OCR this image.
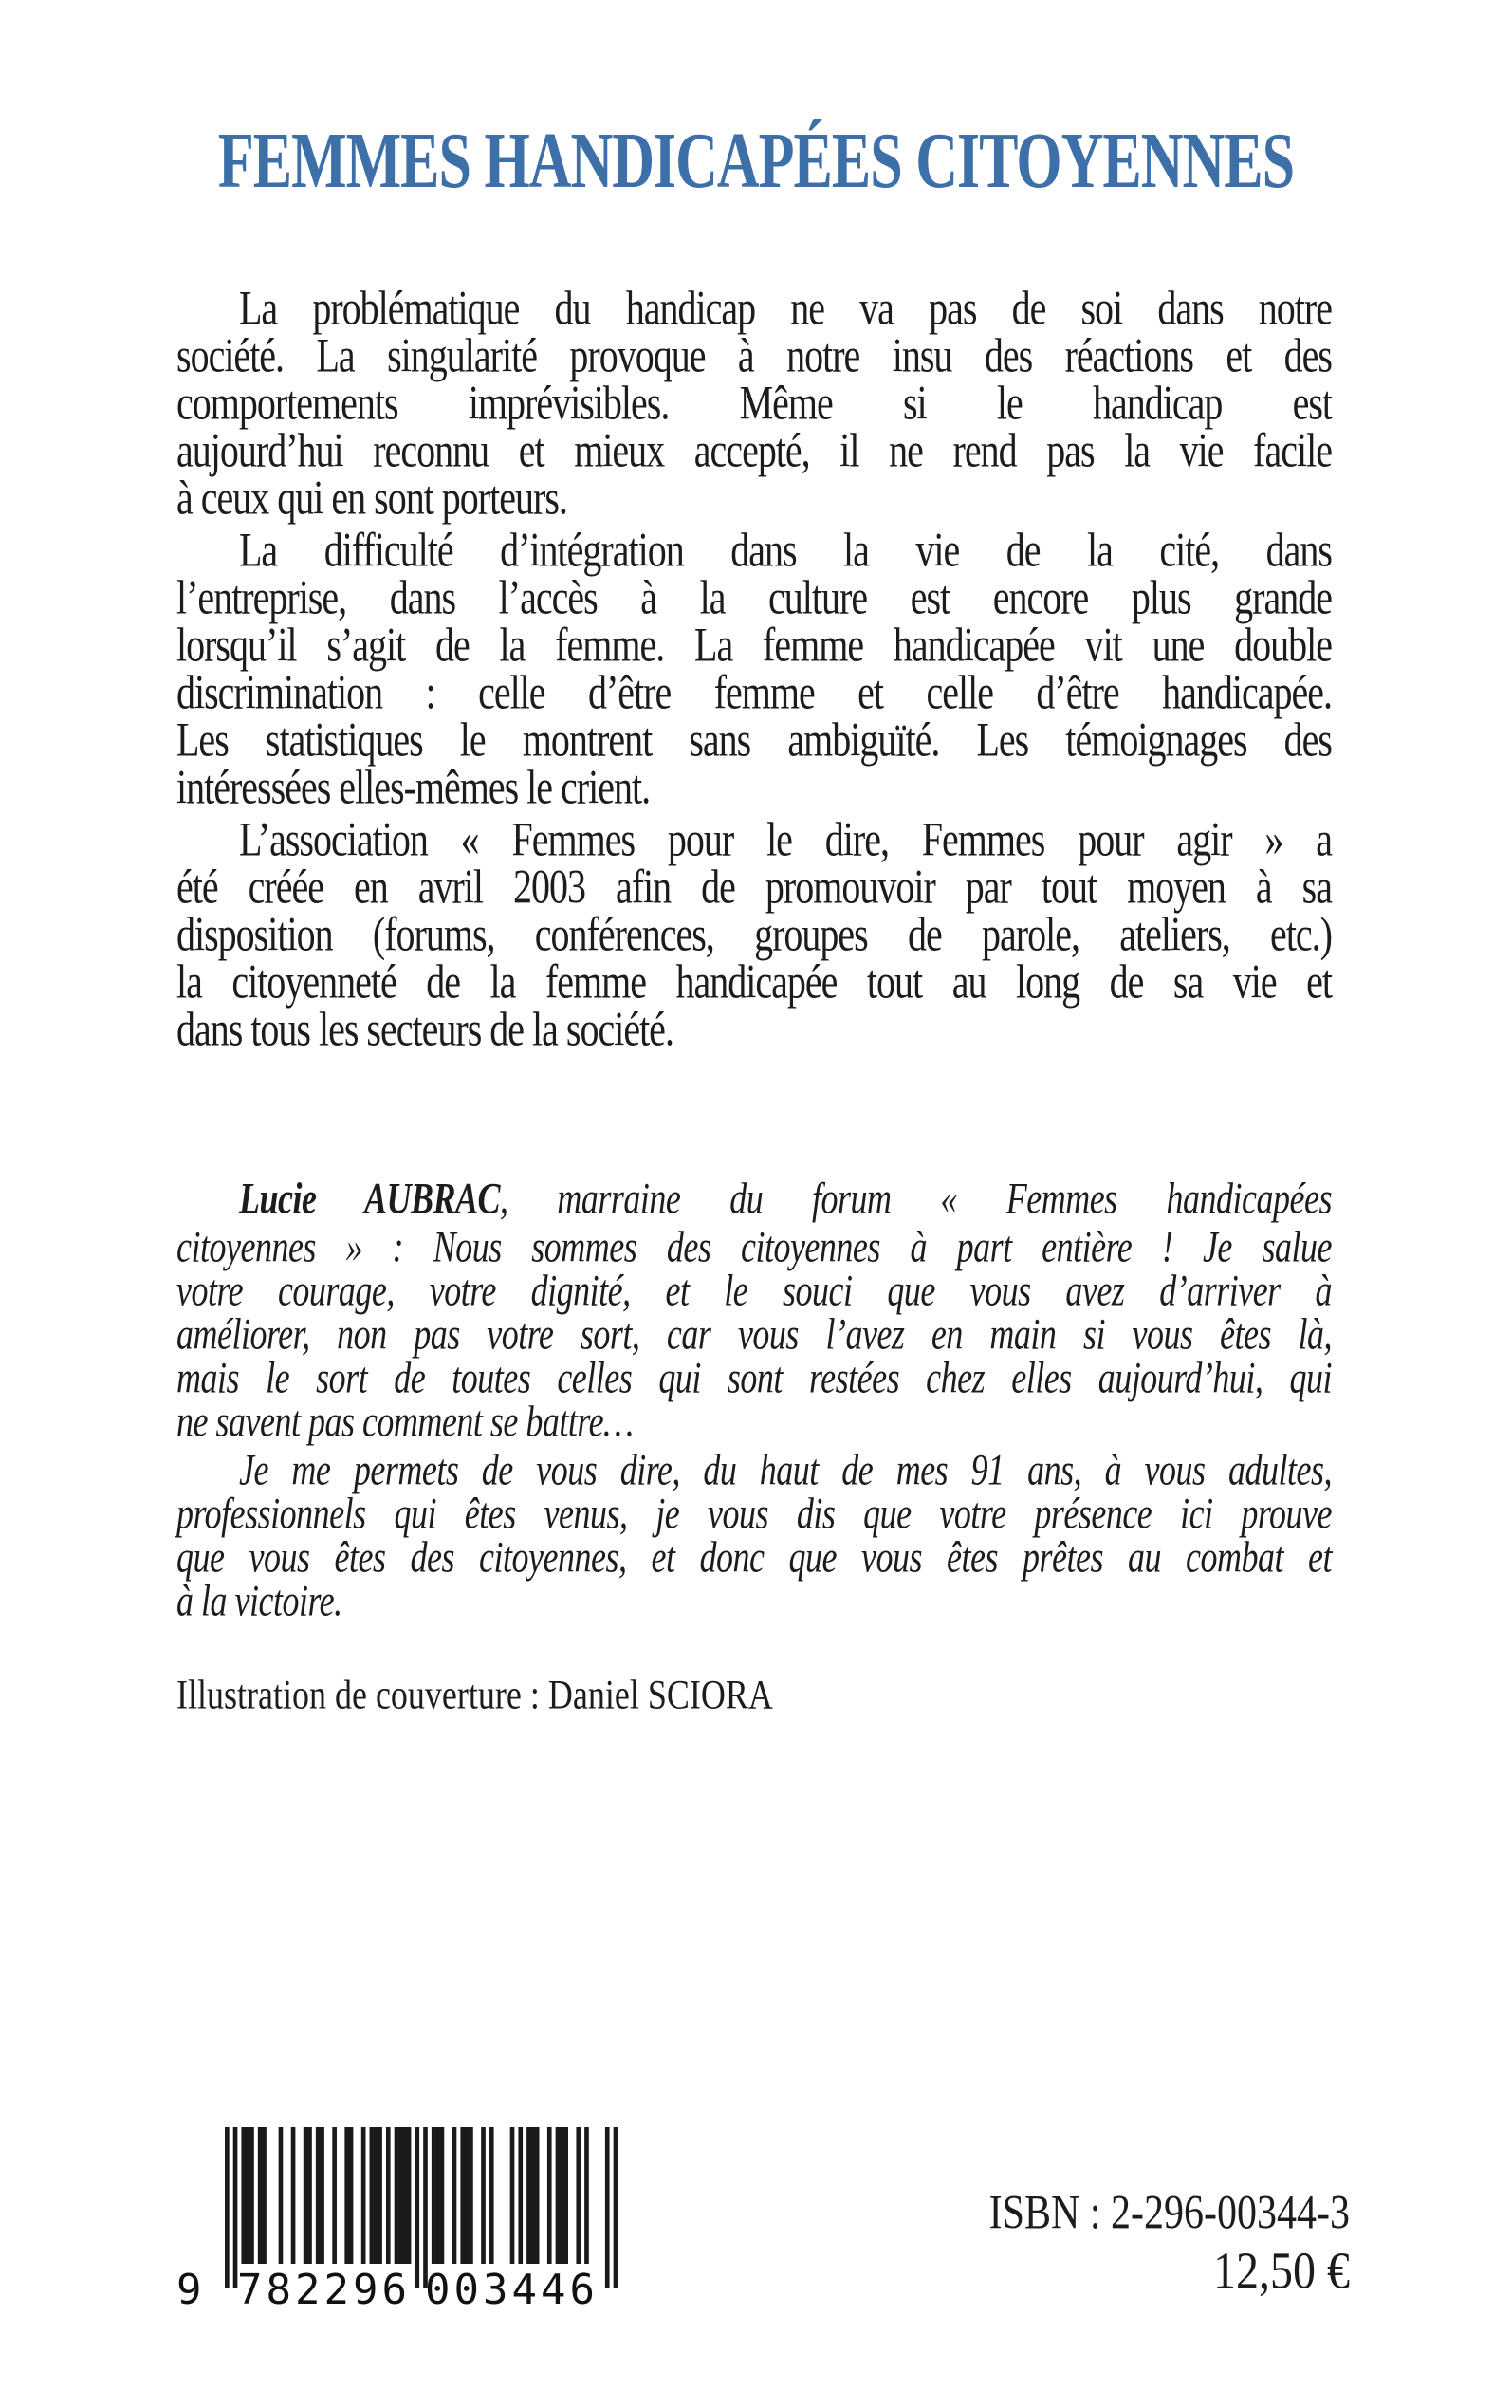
FEMMES HANDICAPÉES CITOYENNES
La problématique du handicap ne va pas de soi dans notre
société. La singularité provoque à notre insu des réactions et des
comportements imprévisibles. Même si le handicap est
aujourd’hui reconnu et mieux accepté, il ne rend pas la vie facile
à ceux qui en sont porteurs.
La difficulté d’intégration dans la vie de la cité, dans
l’entreprise, dans l’accès à la culture est encore plus grande
lorsqu’il s’agit de la femme. La femme handicapée vit une double
discrimination : celle d’être femme et celle d’être handicapée.
Les statistiques le montrent sans ambiguïté. Les témoignages des
intéressées elles-mêmes le crient.
L’association « Femmes pour le dire, Femmes pour agir » a
été créée en avril 2003 afin de promouvoir par tout moyen à sa
disposition (forums, conférences, groupes de parole, ateliers, etc.)
la citoyenneté de la femme handicapée tout au long de sa vie et
dans tous les secteurs de la société.
Lucie AUBRAC, marraine du forum « Femmes handicapées
citoyennes » : Nous sommes des citoyennes à part entière ! Je salue
votre courage, votre dignité, et le souci que vous avez d’arriver à
améliorer, non pas votre sort, car vous l’avez en main si vous êtes là,
mais le sort de toutes celles qui sont restées chez elles aujourd’hui, qui
ne savent pas comment se battre…
Je me permets de vous dire, du haut de mes 91 ans, à vous adultes,
professionnels qui êtes venus, je vous dis que votre présence ici prouve
que vous êtes des citoyennes, et donc que vous êtes prêtes au combat et
à la victoire.
Illustration de couverture : Daniel SCIORA
9 782296 003446
ISBN : 2-296-00344-3
12,50 €
